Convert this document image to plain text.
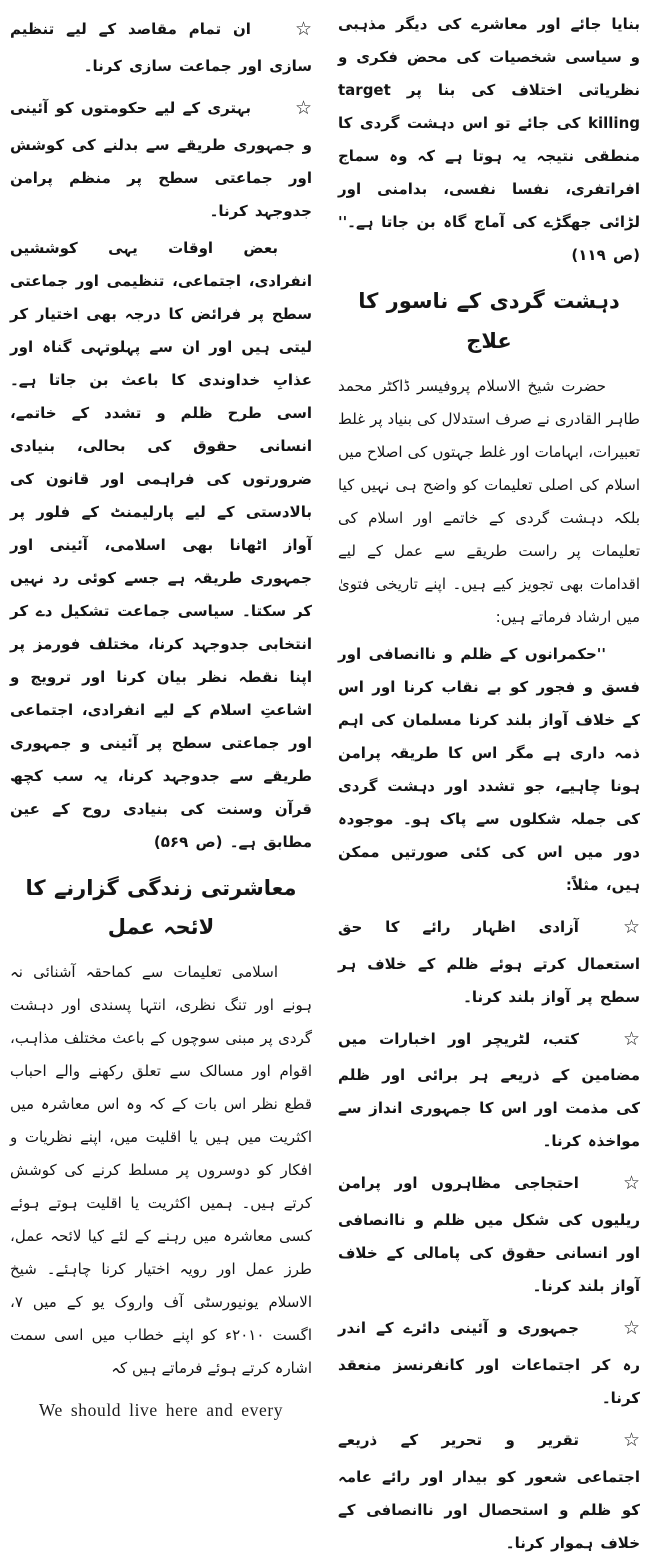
بنایا جائے اور معاشرے کی دیگر مذہبی و سیاسی شخصیات کی محض فکری و نظریاتی اختلاف کی بنا پر target killing کی جائے تو اس دہشت گردی کا منطقی نتیجہ یہ ہوتا ہے کہ وہ سماج افراتفری، نفسا نفسی، بدامنی اور لڑائی جھگڑے کی آماج گاہ بن جاتا ہے۔'' (ص ۱۱۹)

دہشت گردی کے ناسور کا علاج

حضرت شیخ الاسلام پروفیسر ڈاکٹر محمد طاہر القادری نے صرف استدلال کی بنیاد پر غلط تعبیرات، ابہامات اور غلط جہتوں کی اصلاح میں اسلام کی اصلی تعلیمات کو واضح ہی نہیں کیا بلکہ دہشت گردی کے خاتمے اور اسلام کی تعلیمات پر راست طریقے سے عمل کے لیے اقدامات بھی تجویز کیے ہیں۔ اپنے تاریخی فتویٰ میں ارشاد فرماتے ہیں:

''حکمرانوں کے ظلم و ناانصافی اور فسق و فجور کو بے نقاب کرنا اور اس کے خلاف آواز بلند کرنا مسلمان کی اہم ذمہ داری ہے مگر اس کا طریقہ پرامن ہونا چاہیے، جو تشدد اور دہشت گردی کی جملہ شکلوں سے پاک ہو۔ موجودہ دور میں اس کی کئی صورتیں ممکن ہیں، مثلاً:

☆آزادی اظہار رائے کا حق استعمال کرتے ہوئے ظلم کے خلاف ہر سطح پر آواز بلند کرنا۔
☆کتب، لٹریچر اور اخبارات میں مضامین کے ذریعے ہر برائی اور ظلم کی مذمت اور اس کا جمہوری انداز سے مواخذہ کرنا۔
☆احتجاجی مظاہروں اور پرامن ریلیوں کی شکل میں ظلم و ناانصافی اور انسانی حقوق کی پامالی کے خلاف آواز بلند کرنا۔
☆جمہوری و آئینی دائرے کے اندر رہ کر اجتماعات اور کانفرنسز منعقد کرنا۔
☆تقریر و تحریر کے ذریعے اجتماعی شعور کو بیدار اور رائے عامہ کو ظلم و استحصال اور ناانصافی کے خلاف ہموار کرنا۔
☆ان تمام مقاصد کے لیے تنظیم سازی اور جماعت سازی کرنا۔
☆بہتری کے لیے حکومتوں کو آئینی و جمہوری طریقے سے بدلنے کی کوشش اور جماعتی سطح پر منظم پرامن جدوجہد کرنا۔

بعض اوقات یہی کوششیں انفرادی، اجتماعی، تنظیمی اور جماعتی سطح پر فرائض کا درجہ بھی اختیار کر لیتی ہیں اور ان سے پہلوتہی گناہ اور عذابِ خداوندی کا باعث بن جاتا ہے۔ اسی طرح ظلم و تشدد کے خاتمے، انسانی حقوق کی بحالی، بنیادی ضرورتوں کی فراہمی اور قانون کی بالادستی کے لیے پارلیمنٹ کے فلور پر آواز اٹھانا بھی اسلامی، آئینی اور جمہوری طریقہ ہے جسے کوئی رد نہیں کر سکتا۔ سیاسی جماعت تشکیل دے کر انتخابی جدوجہد کرنا، مختلف فورمز پر اپنا نقطہ نظر بیان کرنا اور ترویج و اشاعتِ اسلام کے لیے انفرادی، اجتماعی اور جماعتی سطح پر آئینی و جمہوری طریقے سے جدوجہد کرنا، یہ سب کچھ قرآن وسنت کی بنیادی روح کے عین مطابق ہے۔ (ص ۵۶۹)

معاشرتی زندگی گزارنے کا لائحہ عمل

اسلامی تعلیمات سے کماحقہ آشنائی نہ ہونے اور تنگ نظری، انتہا پسندی اور دہشت گردی پر مبنی سوچوں کے باعث مختلف مذاہب، اقوام اور مسالک سے تعلق رکھنے والے احباب قطع نظر اس بات کے کہ وہ اس معاشرہ میں اکثریت میں ہیں یا اقلیت میں، اپنے نظریات و افکار کو دوسروں پر مسلط کرنے کی کوشش کرتے ہیں۔ ہمیں اکثریت یا اقلیت ہوتے ہوئے کسی معاشرہ میں رہنے کے لئے کیا لائحہ عمل، طرز عمل اور رویہ اختیار کرنا چاہئے۔ شیخ الاسلام یونیورسٹی آف واروک یو کے میں ۷، اگست ۲۰۱۰ء کو اپنے خطاب میں اسی سمت اشارہ کرتے ہوئے فرماتے ہیں کہ

We should live here and every
